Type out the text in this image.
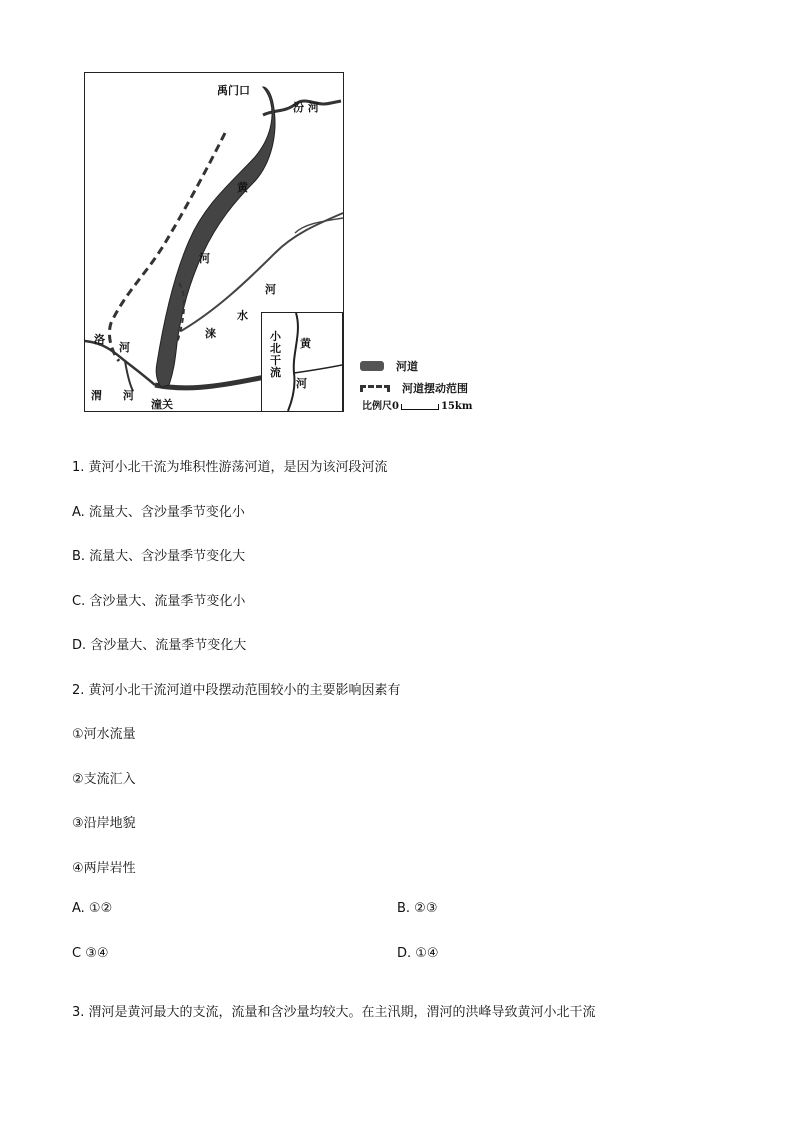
禹门口
汾 河
黄
河
河
水
涞
洛
河
渭 河
潼关
小北干流
黄
河
河道
河道摆动范围
比例尺0	15km
1. 黄河小北干流为堆积性游荡河道，是因为该河段河流
A. 流量大、含沙量季节变化小
B. 流量大、含沙量季节变化大
C. 含沙量大、流量季节变化小
D. 含沙量大、流量季节变化大
2. 黄河小北干流河道中段摆动范围较小的主要影响因素有
①河水流量
②支流汇入
③沿岸地貌
④两岸岩性
A. ①②	B. ②③
C ③④	D. ①④
3. 渭河是黄河最大的支流，流量和含沙量均较大。在主汛期，渭河的洪峰导致黄河小北干流
